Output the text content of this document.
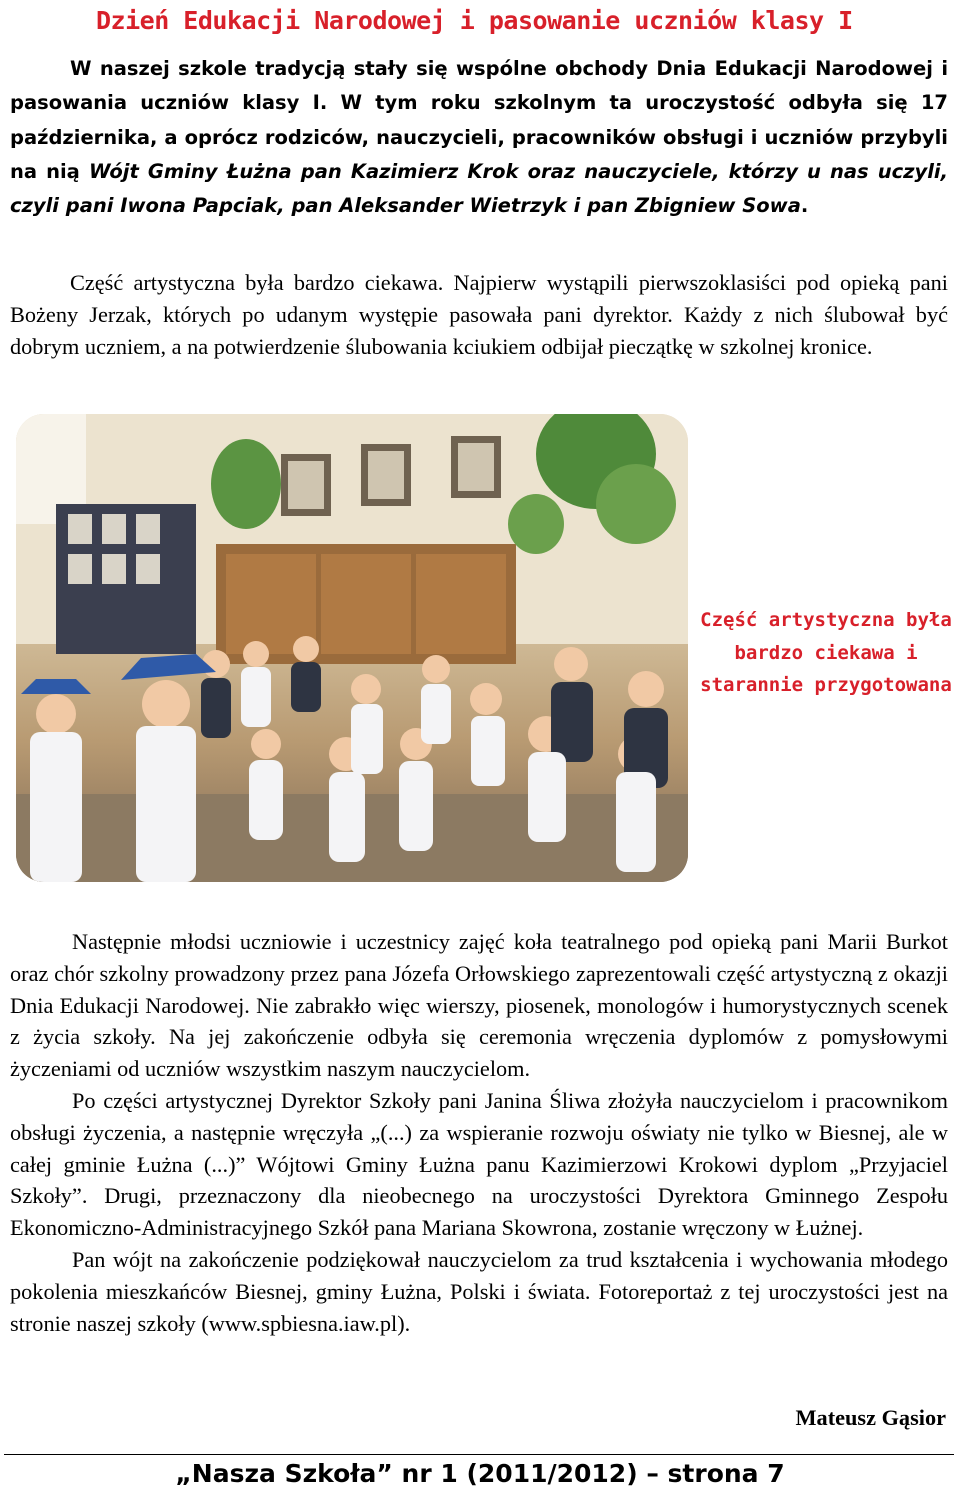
Dzień Edukacji Narodowej i pasowanie uczniów klasy I
W naszej szkole tradycją stały się wspólne obchody Dnia Edukacji Narodowej i pasowania uczniów klasy I. W tym roku szkolnym ta uroczystość odbyła się 17 października, a oprócz rodziców, nauczycieli, pracowników obsługi i uczniów przybyli na nią Wójt Gminy Łużna pan Kazimierz Krok oraz nauczyciele, którzy u nas uczyli, czyli pani Iwona Papciak, pan Aleksander Wietrzyk i pan Zbigniew Sowa.
Część artystyczna była bardzo ciekawa. Najpierw wystąpili pierwszoklasiści pod opieką pani Bożeny Jerzak, których po udanym występie pasowała pani dyrektor. Każdy z nich ślubował być dobrym uczniem, a na potwierdzenie ślubowania kciukiem odbijał pieczątkę w szkolnej kronice.
Część artystyczna była bardzo ciekawa i starannie przygotowana

Następnie młodsi uczniowie i uczestnicy zajęć koła teatralnego pod opieką pani Marii Burkot oraz chór szkolny prowadzony przez pana Józefa Orłowskiego zaprezentowali część artystyczną z okazji Dnia Edukacji Narodowej. Nie zabrakło więc wierszy, piosenek, monologów i humorystycznych scenek z życia szkoły. Na jej zakończenie odbyła się ceremonia wręczenia dyplomów z pomysłowymi życzeniami od uczniów wszystkim naszym nauczycielom.

Po części artystycznej Dyrektor Szkoły pani Janina Śliwa złożyła nauczycielom i pracownikom obsługi życzenia, a następnie wręczyła „(...) za wspieranie rozwoju oświaty nie tylko w Biesnej, ale w całej gminie Łużna (...)” Wójtowi Gminy Łużna panu Kazimierzowi Krokowi dyplom „Przyjaciel Szkoły”. Drugi, przeznaczony dla nieobecnego na uroczystości Dyrektora Gminnego Zespołu Ekonomiczno-Administracyjnego Szkół pana Mariana Skowrona, zostanie wręczony w Łużnej.

Pan wójt na zakończenie podziękował nauczycielom za trud kształcenia i wychowania młodego pokolenia mieszkańców Biesnej, gminy Łużna, Polski i świata. Fotoreportaż z tej uroczystości jest na stronie naszej szkoły (www.spbiesna.iaw.pl).

Mateusz Gąsior
„Nasza Szkoła” nr 1 (2011/2012) – strona 7
